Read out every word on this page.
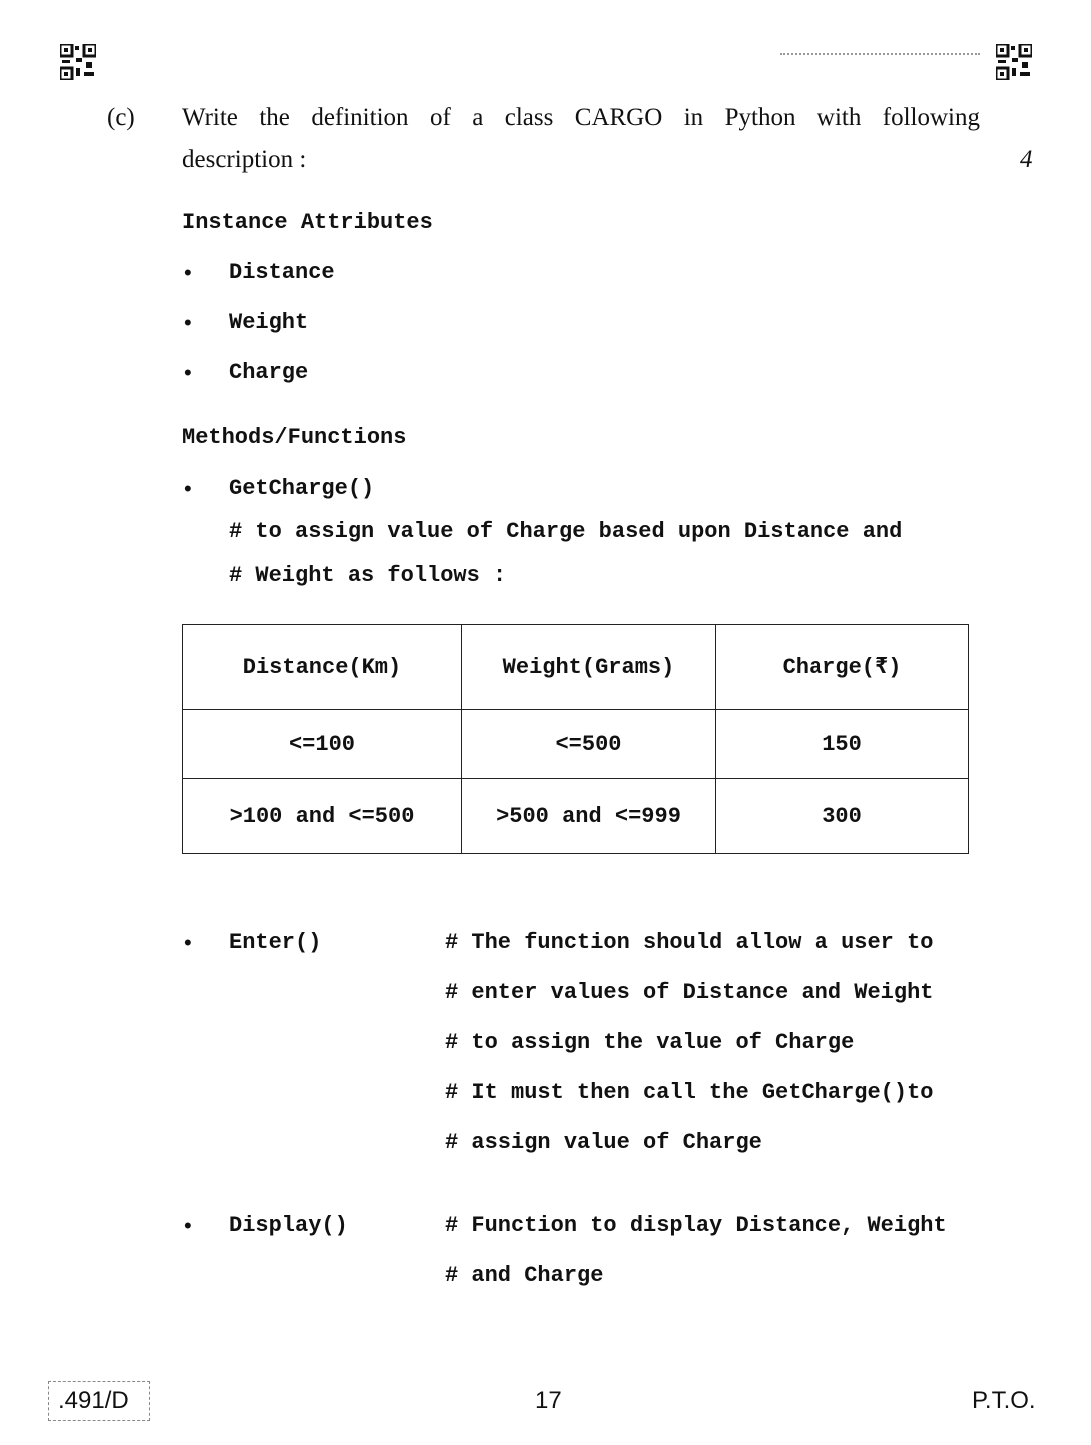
(c) Write the definition of a class CARGO in Python with following
description :	4
Instance Attributes
• Distance
• Weight
• Charge
Methods/Functions
• GetCharge()
# to assign value of Charge based upon Distance and
# Weight as follows :
Distance(Km)	Weight(Grams)	Charge(₹)
<=100	<=500	150
>100 and <=500	>500 and <=999	300
• Enter()	# The function should allow a user to
# enter values of Distance and Weight
# to assign the value of Charge
# It must then call the GetCharge()to
# assign value of Charge
• Display()	# Function to display Distance, Weight
# and Charge
.491/D	17	P.T.O.
